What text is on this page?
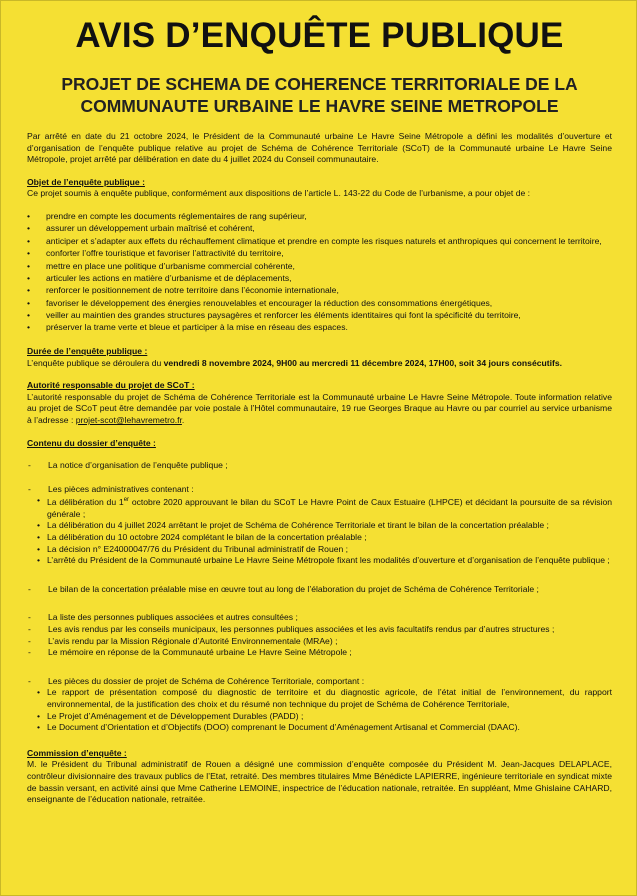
AVIS D’ENQUÊTE PUBLIQUE
PROJET DE SCHEMA DE COHERENCE TERRITORIALE DE LA
COMMUNAUTE URBAINE LE HAVRE SEINE METROPOLE

Par arrêté en date du 21 octobre 2024, le Président de la Communauté urbaine Le Havre Seine Métropole a défini les modalités d’ouverture et d’organisation de l’enquête publique relative au projet de Schéma de Cohérence Territoriale (SCoT) de la Communauté urbaine Le Havre Seine Métropole, projet arrêté par délibération en date du 4 juillet 2024 du Conseil communautaire.

Objet de l’enquête publique :
Ce projet soumis à enquête publique, conformément aux dispositions de l’article L. 143-22 du Code de l’urbanisme, a pour objet de :
• prendre en compte les documents réglementaires de rang supérieur,
• assurer un développement urbain maîtrisé et cohérent,
• anticiper et s’adapter aux effets du réchauffement climatique et prendre en compte les risques naturels et anthropiques qui concernent le territoire,
• conforter l’offre touristique et favoriser l’attractivité du territoire,
• mettre en place une politique d’urbanisme commercial cohérente,
• articuler les actions en matière d’urbanisme et de déplacements,
• renforcer le positionnement de notre territoire dans l’économie internationale,
• favoriser le développement des énergies renouvelables et encourager la réduction des consommations énergétiques,
• veiller au maintien des grandes structures paysagères et renforcer les éléments identitaires qui font la spécificité du territoire,
• préserver la trame verte et bleue et participer à la mise en réseau des espaces.
Durée de l’enquête publique :
L’enquête publique se déroulera du vendredi 8 novembre 2024, 9H00 au mercredi 11 décembre 2024, 17H00, soit 34 jours consécutifs.
Autorité responsable du projet de SCoT :
L’autorité responsable du projet de Schéma de Cohérence Territoriale est la Communauté urbaine Le Havre Seine Métropole. Toute information relative au projet de SCoT peut être demandée par voie postale à l’Hôtel communautaire, 19 rue Georges Braque au Havre ou par courriel au service urbanisme à l’adresse : projet-scot@lehavremetro.fr.
Contenu du dossier d’enquête :
- La notice d’organisation de l’enquête publique ;
- Les pièces administratives contenant :
• La délibération du 1er octobre 2020 approuvant le bilan du SCoT Le Havre Point de Caux Estuaire (LHPCE) et décidant la poursuite de sa révision générale ;
• La délibération du 4 juillet 2024 arrêtant le projet de Schéma de Cohérence Territoriale et tirant le bilan de la concertation préalable ;
• La délibération du 10 octobre 2024 complétant le bilan de la concertation préalable ;
• La décision n° E24000047/76 du Président du Tribunal administratif de Rouen ;
• L’arrêté du Président de la Communauté urbaine Le Havre Seine Métropole fixant les modalités d’ouverture et d’organisation de l’enquête publique ;
- Le bilan de la concertation préalable mise en œuvre tout au long de l’élaboration du projet de Schéma de Cohérence Territoriale ;
- La liste des personnes publiques associées et autres consultées ;
- Les avis rendus par les conseils municipaux, les personnes publiques associées et les avis facultatifs rendus par d’autres structures ;
- L’avis rendu par la Mission Régionale d’Autorité Environnementale (MRAe) ;
- Le mémoire en réponse de la Communauté urbaine Le Havre Seine Métropole ;
- Les pièces du dossier de projet de Schéma de Cohérence Territoriale, comportant :
• Le rapport de présentation composé du diagnostic de territoire et du diagnostic agricole, de l’état initial de l’environnement, du rapport environnemental, de la justification des choix et du résumé non technique du projet de Schéma de Cohérence Territoriale,
• Le Projet d’Aménagement et de Développement Durables (PADD) ;
• Le Document d’Orientation et d’Objectifs (DOO) comprenant le Document d’Aménagement Artisanal et Commercial (DAAC).
Commission d’enquête :
M. le Président du Tribunal administratif de Rouen a désigné une commission d’enquête composée du Président M. Jean-Jacques DELAPLACE, contrôleur divisionnaire des travaux publics de l’Etat, retraité. Des membres titulaires Mme Bénédicte LAPIERRE, ingénieure territoriale en syndicat mixte de bassin versant, en activité ainsi que Mme Catherine LEMOINE, inspectrice de l’éducation nationale, retraitée. En suppléant, Mme Ghislaine CAHARD, enseignante de l’éducation nationale, retraitée.
